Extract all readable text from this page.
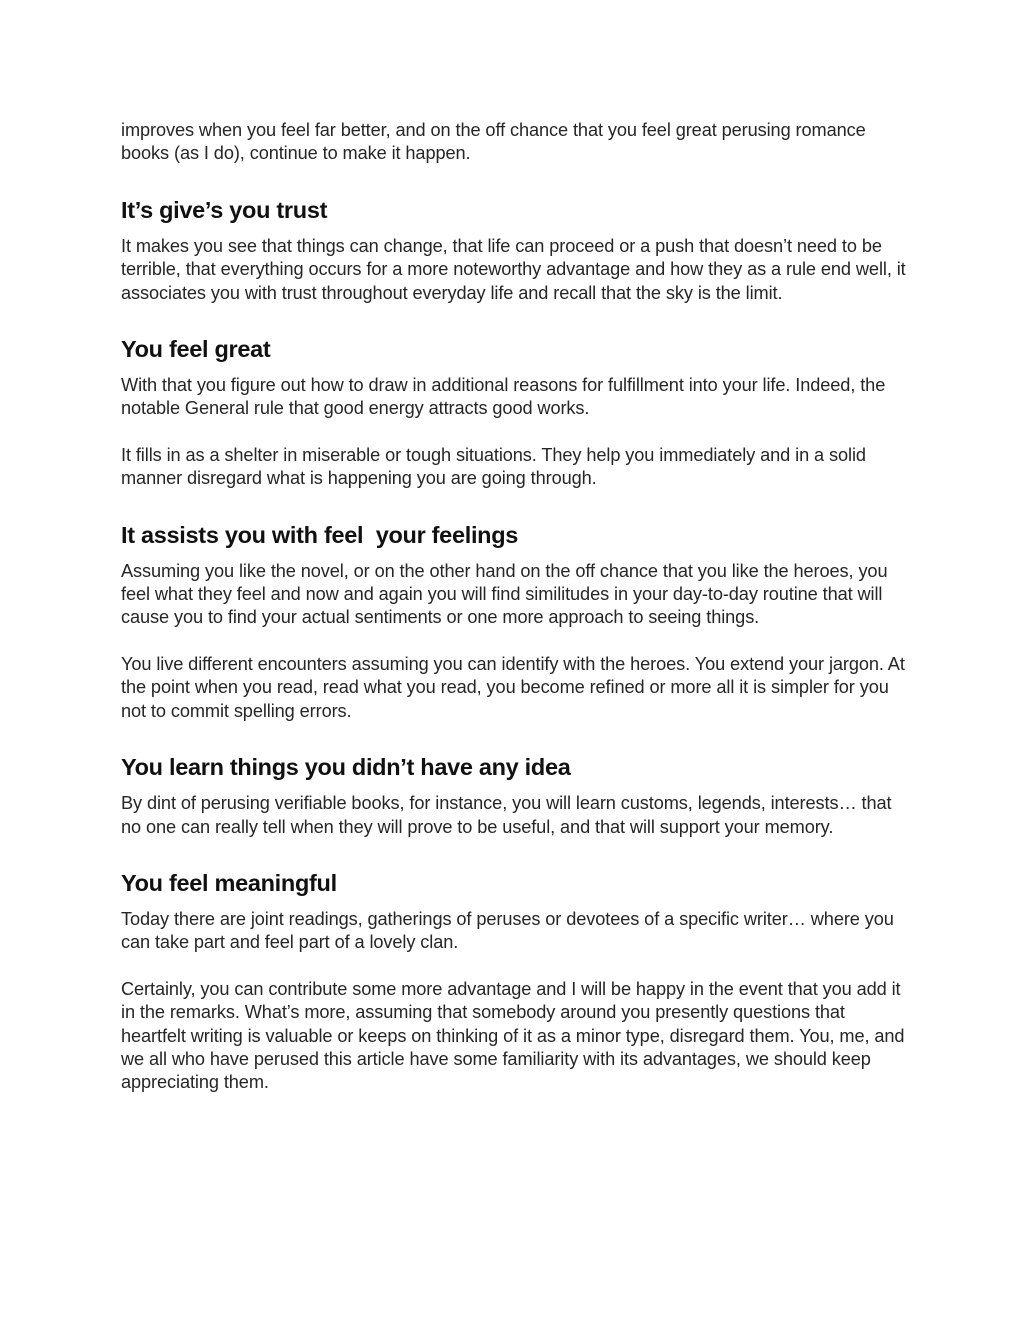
improves when you feel far better, and on the off chance that you feel great perusing romance books (as I do), continue to make it happen.

It’s give’s you trust

It makes you see that things can change, that life can proceed or a push that doesn’t need to be terrible, that everything occurs for a more noteworthy advantage and how they as a rule end well, it associates you with trust throughout everyday life and recall that the sky is the limit.

You feel great

With that you figure out how to draw in additional reasons for fulfillment into your life. Indeed, the notable General rule that good energy attracts good works.

It fills in as a shelter in miserable or tough situations. They help you immediately and in a solid manner disregard what is happening you are going through.

It assists you with feel  your feelings

Assuming you like the novel, or on the other hand on the off chance that you like the heroes, you feel what they feel and now and again you will find similitudes in your day-to-day routine that will cause you to find your actual sentiments or one more approach to seeing things.

You live different encounters assuming you can identify with the heroes. You extend your jargon. At the point when you read, read what you read, you become refined or more all it is simpler for you not to commit spelling errors.

You learn things you didn’t have any idea

By dint of perusing verifiable books, for instance, you will learn customs, legends, interests… that no one can really tell when they will prove to be useful, and that will support your memory.

You feel meaningful

Today there are joint readings, gatherings of peruses or devotees of a specific writer… where you can take part and feel part of a lovely clan.

Certainly, you can contribute some more advantage and I will be happy in the event that you add it in the remarks. What’s more, assuming that somebody around you presently questions that heartfelt writing is valuable or keeps on thinking of it as a minor type, disregard them. You, me, and we all who have perused this article have some familiarity with its advantages, we should keep appreciating them.
